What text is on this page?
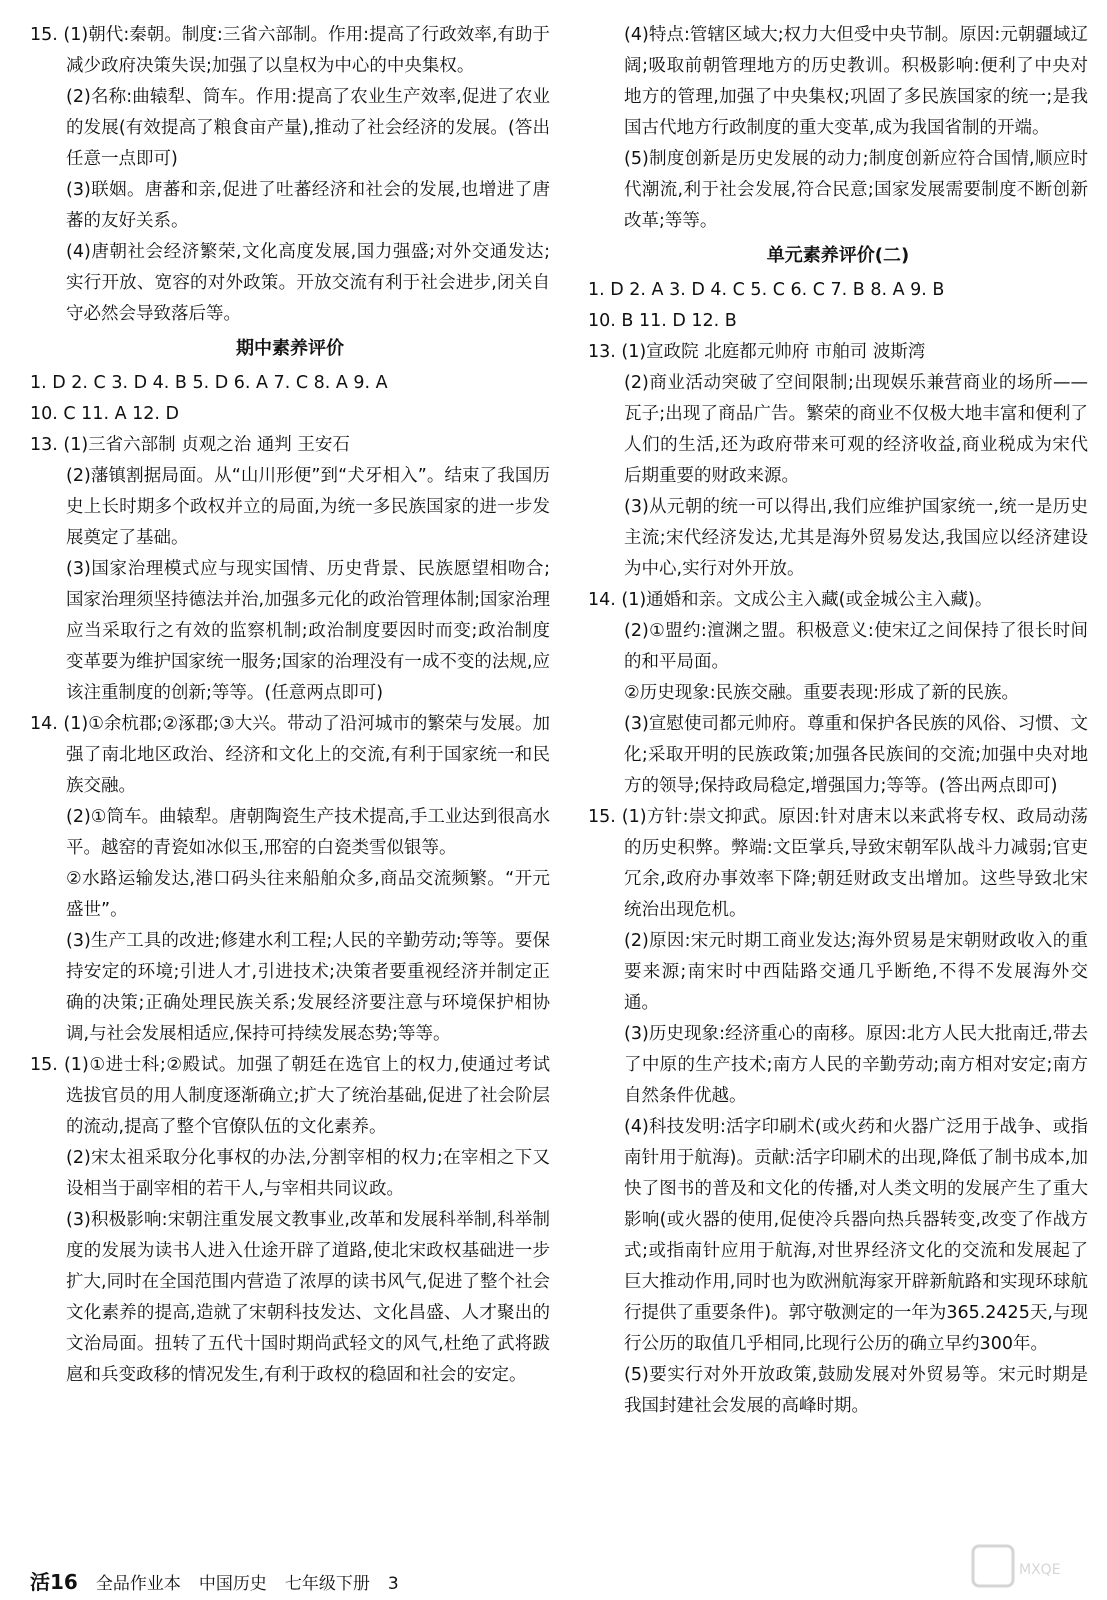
15. (1)朝代:秦朝。制度:三省六部制。作用:提高了行政效率,有助于减少政府决策失误;加强了以皇权为中心的中央集权。
(2)名称:曲辕犁、筒车。作用:提高了农业生产效率,促进了农业的发展(有效提高了粮食亩产量),推动了社会经济的发展。(答出任意一点即可)
(3)联姻。唐蕃和亲,促进了吐蕃经济和社会的发展,也增进了唐蕃的友好关系。
(4)唐朝社会经济繁荣,文化高度发展,国力强盛;对外交通发达;实行开放、宽容的对外政策。开放交流有利于社会进步,闭关自守必然会导致落后等。
期中素养评价
1. D 2. C 3. D 4. B 5. D 6. A 7. C 8. A 9. A
10. C 11. A 12. D
13. (1)三省六部制 贞观之治 通判 王安石
(2)藩镇割据局面。从“山川形便”到“犬牙相入”。结束了我国历史上长时期多个政权并立的局面,为统一多民族国家的进一步发展奠定了基础。
(3)国家治理模式应与现实国情、历史背景、民族愿望相吻合;国家治理须坚持德法并治,加强多元化的政治管理体制;国家治理应当采取行之有效的监察机制;政治制度要因时而变;政治制度变革要为维护国家统一服务;国家的治理没有一成不变的法规,应该注重制度的创新;等等。(任意两点即可)
14. (1)①余杭郡;②涿郡;③大兴。带动了沿河城市的繁荣与发展。加强了南北地区政治、经济和文化上的交流,有利于国家统一和民族交融。
(2)①筒车。曲辕犁。唐朝陶瓷生产技术提高,手工业达到很高水平。越窑的青瓷如冰似玉,邢窑的白瓷类雪似银等。
②水路运输发达,港口码头往来船舶众多,商品交流频繁。“开元盛世”。
(3)生产工具的改进;修建水利工程;人民的辛勤劳动;等等。要保持安定的环境;引进人才,引进技术;决策者要重视经济并制定正确的决策;正确处理民族关系;发展经济要注意与环境保护相协调,与社会发展相适应,保持可持续发展态势;等等。
15. (1)①进士科;②殿试。加强了朝廷在选官上的权力,使通过考试选拔官员的用人制度逐渐确立;扩大了统治基础,促进了社会阶层的流动,提高了整个官僚队伍的文化素养。
(2)宋太祖采取分化事权的办法,分割宰相的权力;在宰相之下又设相当于副宰相的若干人,与宰相共同议政。
(3)积极影响:宋朝注重发展文教事业,改革和发展科举制,科举制度的发展为读书人进入仕途开辟了道路,使北宋政权基础进一步扩大,同时在全国范围内营造了浓厚的读书风气,促进了整个社会文化素养的提高,造就了宋朝科技发达、文化昌盛、人才聚出的文治局面。扭转了五代十国时期尚武轻文的风气,杜绝了武将跋扈和兵变政移的情况发生,有利于政权的稳固和社会的安定。
(4)特点:管辖区域大;权力大但受中央节制。原因:元朝疆域辽阔;吸取前朝管理地方的历史教训。积极影响:便利了中央对地方的管理,加强了中央集权;巩固了多民族国家的统一;是我国古代地方行政制度的重大变革,成为我国省制的开端。
(5)制度创新是历史发展的动力;制度创新应符合国情,顺应时代潮流,利于社会发展,符合民意;国家发展需要制度不断创新改革;等等。
单元素养评价(二)
1. D 2. A 3. D 4. C 5. C 6. C 7. B 8. A 9. B
10. B 11. D 12. B
13. (1)宣政院 北庭都元帅府 市舶司 波斯湾
(2)商业活动突破了空间限制;出现娱乐兼营商业的场所——瓦子;出现了商品广告。繁荣的商业不仅极大地丰富和便利了人们的生活,还为政府带来可观的经济收益,商业税成为宋代后期重要的财政来源。
(3)从元朝的统一可以得出,我们应维护国家统一,统一是历史主流;宋代经济发达,尤其是海外贸易发达,我国应以经济建设为中心,实行对外开放。
14. (1)通婚和亲。文成公主入藏(或金城公主入藏)。
(2)①盟约:澶渊之盟。积极意义:使宋辽之间保持了很长时间的和平局面。
②历史现象:民族交融。重要表现:形成了新的民族。
(3)宣慰使司都元帅府。尊重和保护各民族的风俗、习惯、文化;采取开明的民族政策;加强各民族间的交流;加强中央对地方的领导;保持政局稳定,增强国力;等等。(答出两点即可)
15. (1)方针:崇文抑武。原因:针对唐末以来武将专权、政局动荡的历史积弊。弊端:文臣掌兵,导致宋朝军队战斗力减弱;官吏冗余,政府办事效率下降;朝廷财政支出增加。这些导致北宋统治出现危机。
(2)原因:宋元时期工商业发达;海外贸易是宋朝财政收入的重要来源;南宋时中西陆路交通几乎断绝,不得不发展海外交通。
(3)历史现象:经济重心的南移。原因:北方人民大批南迁,带去了中原的生产技术;南方人民的辛勤劳动;南方相对安定;南方自然条件优越。
(4)科技发明:活字印刷术(或火药和火器广泛用于战争、或指南针用于航海)。贡献:活字印刷术的出现,降低了制书成本,加快了图书的普及和文化的传播,对人类文明的发展产生了重大影响(或火器的使用,促使冷兵器向热兵器转变,改变了作战方式;或指南针应用于航海,对世界经济文化的交流和发展起了巨大推动作用,同时也为欧洲航海家开辟新航路和实现环球航行提供了重要条件)。郭守敬测定的一年为365.2425天,与现行公历的取值几乎相同,比现行公历的确立早约300年。
(5)要实行对外开放政策,鼓励发展对外贸易等。宋元时期是我国封建社会发展的高峰时期。
活16 全品作业本 中国历史 七年级下册 3
MXQE
